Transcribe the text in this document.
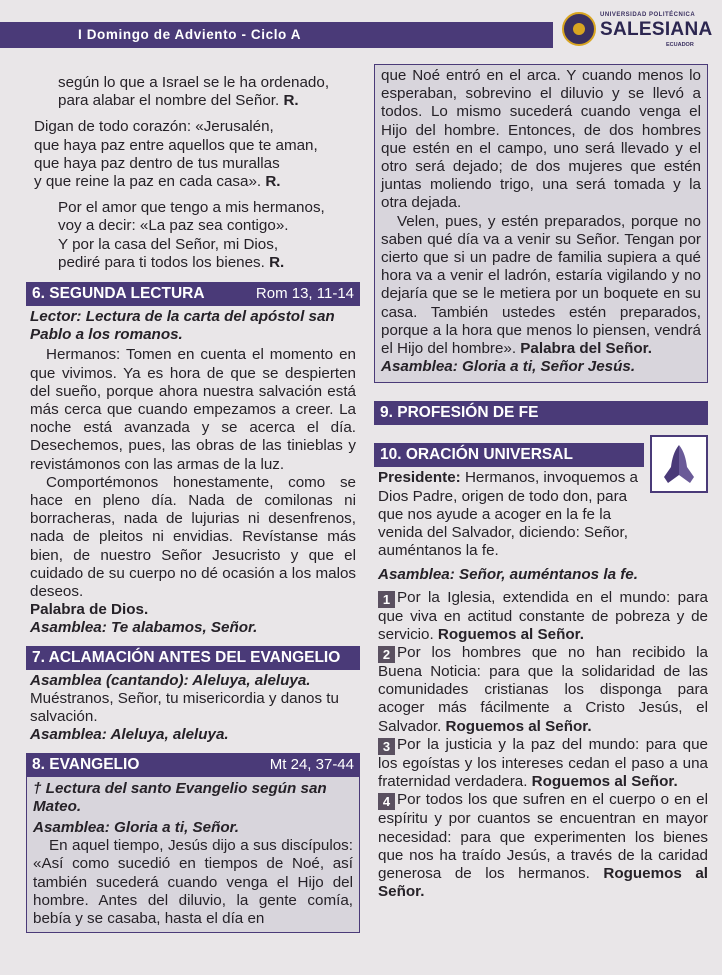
I Domingo de Adviento - Ciclo A
UNIVERSIDAD POLITÉCNICA
SALESIANA
ECUADOR
según lo que a Israel se le ha ordenado,
para alabar el nombre del Señor. R.
Digan de todo corazón: «Jerusalén,
que haya paz entre aquellos que te aman,
que haya paz dentro de tus murallas
y que reine la paz en cada casa». R.
Por el amor que tengo a mis hermanos,
voy a decir: «La paz sea contigo».
Y por la casa del Señor, mi Dios,
pediré para ti todos los bienes. R.
6. SEGUNDA LECTURA	Rom 13, 11-14
Lector: Lectura de la carta del apóstol san Pablo a los romanos.
Hermanos: Tomen en cuenta el momento en que vivimos. Ya es hora de que se despierten del sueño, porque ahora nuestra salvación está más cerca que cuando empezamos a creer. La noche está avanzada y se acerca el día. Desechemos, pues, las obras de las tinieblas y revistámonos con las armas de la luz.
Comportémonos honestamente, como se hace en pleno día. Nada de comilonas ni borracheras, nada de lujurias ni desenfrenos, nada de pleitos ni envidias. Revístanse más bien, de nuestro Señor Jesucristo y que el cuidado de su cuerpo no dé ocasión a los malos deseos.
Palabra de Dios.
Asamblea: Te alabamos, Señor.
7. ACLAMACIÓN ANTES DEL EVANGELIO
Asamblea (cantando): Aleluya, aleluya.
Muéstranos, Señor, tu misericordia y danos tu salvación.
Asamblea: Aleluya, aleluya.
8. EVANGELIO	Mt 24, 37-44
† Lectura del santo Evangelio según san Mateo.
Asamblea: Gloria a ti, Señor.
En aquel tiempo, Jesús dijo a sus discípulos: «Así como sucedió en tiempos de Noé, así también sucederá cuando venga el Hijo del hombre. Antes del diluvio, la gente comía, bebía y se casaba, hasta el día en
que Noé entró en el arca. Y cuando menos lo esperaban, sobrevino el diluvio y se llevó a todos. Lo mismo sucederá cuando venga el Hijo del hombre. Entonces, de dos hombres que estén en el campo, uno será llevado y el otro será dejado; de dos mujeres que estén juntas moliendo trigo, una será tomada y la otra dejada.
Velen, pues, y estén preparados, porque no saben qué día va a venir su Señor. Tengan por cierto que si un padre de familia supiera a qué hora va a venir el ladrón, estaría vigilando y no dejaría que se le metiera por un boquete en su casa. También ustedes estén preparados, porque a la hora que menos lo piensen, vendrá el Hijo del hombre». Palabra del Señor.
Asamblea: Gloria a ti, Señor Jesús.
9. PROFESIÓN DE FE
10. ORACIÓN UNIVERSAL
Presidente: Hermanos, invoquemos a Dios Padre, origen de todo don, para que nos ayude a acoger en la fe la venida del Salvador, diciendo: Señor, auméntanos la fe.
Asamblea: Señor, auméntanos la fe.
1 Por la Iglesia, extendida en el mundo: para que viva en actitud constante de pobreza y de servicio. Roguemos al Señor.
2 Por los hombres que no han recibido la Buena Noticia: para que la solidaridad de las comunidades cristianas los disponga para acoger más fácilmente a Cristo Jesús, el Salvador. Roguemos al Señor.
3 Por la justicia y la paz del mundo: para que los egoístas y los intereses cedan el paso a una fraternidad verdadera. Roguemos al Señor.
4 Por todos los que sufren en el cuerpo o en el espíritu y por cuantos se encuentran en mayor necesidad: para que experimenten los bienes que nos ha traído Jesús, a través de la caridad generosa de los hermanos. Roguemos al Señor.
